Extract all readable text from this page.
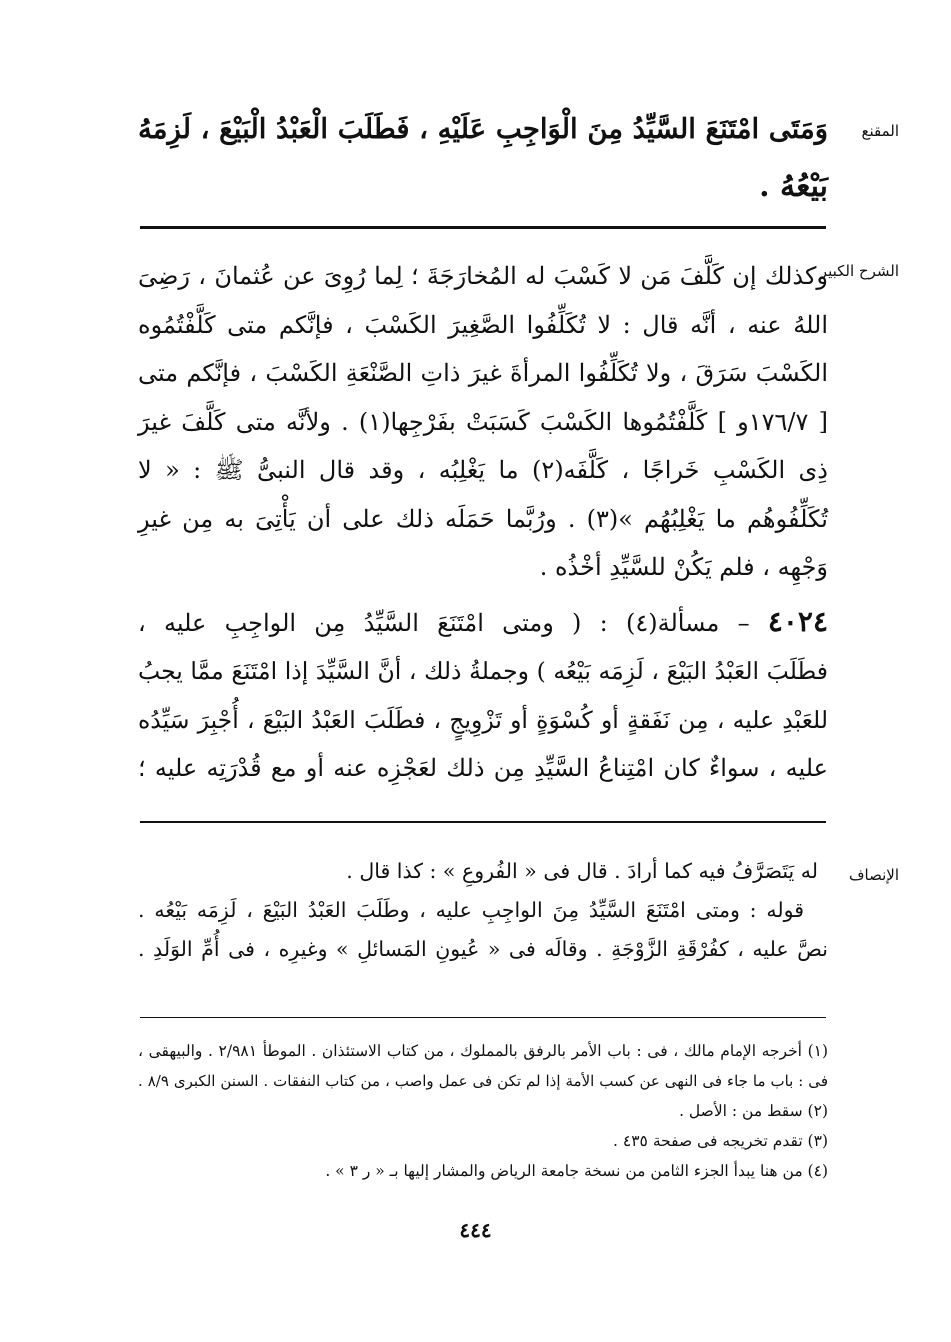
المقنع
وَمَتَى امْتَنَعَ السَّيِّدُ مِنَ الْوَاجِبِ عَلَيْهِ ، فَطَلَبَ الْعَبْدُ الْبَيْعَ ، لَزِمَهُ
بَيْعُهُ .
الشرح الكبير
وكذلك إن كَلَّفَ مَن لا كَسْبَ له المُخارَجَةَ ؛ لِما رُوِىَ عن عُثمانَ ، رَضِىَ
اللهُ عنه ، أنَّه قال : لا تُكَلِّفُوا الصَّغِيرَ الكَسْبَ ، فإنَّكم متى كَلَّفْتُمُوه
الكَسْبَ سَرَقَ ، ولا تُكَلِّفُوا المرأةَ غيرَ ذاتِ الصَّنْعَةِ الكَسْبَ ، فإنَّكم متى
[ ١٧٦/٧و ] كَلَّفْتُمُوها الكَسْبَ كَسَبَتْ بفَرْجِها(١) . ولأنَّه متى كَلَّفَ غيرَ
ذِى الكَسْبِ خَراجًا ، كَلَّفَه(٢) ما يَغْلِبُه ، وقد قال النبىُّ ﷺ : « لا
تُكَلِّفُوهُم ما يَغْلِبُهُم »(٣) . ورُبَّما حَمَلَه ذلك على أن يَأْتِىَ به مِن غيرِ
وَجْهِه ، فلم يَكُنْ للسَّيِّدِ أخْذُه .
٤٠٢٤ – مسألة(٤) : ( ومتى امْتَنَعَ السَّيِّدُ مِن الواجِبِ عليه ،
فطَلَبَ العَبْدُ البَيْعَ ، لَزِمَه بَيْعُه ) وجملةُ ذلك ، أنَّ السَّيِّدَ إذا امْتَنَعَ ممَّا يجبُ
للعَبْدِ عليه ، مِن نَفَقةٍ أو كُسْوَةٍ أو تَزْوِيجٍ ، فطَلَبَ العَبْدُ البَيْعَ ، أُجْبِرَ سَيِّدُه
عليه ، سواءٌ كان امْتِناعُ السَّيِّدِ مِن ذلك لعَجْزِه عنه أو مع قُدْرَتِه عليه ؛
الإنصاف
له يَتَصَرَّفُ فيه كما أرادَ . قال فى « الفُروعِ » : كذا قال .
قوله : ومتى امْتَنَعَ السَّيِّدُ مِنَ الواجِبِ عليه ، وطَلَبَ العَبْدُ البَيْعَ ، لَزِمَه بَيْعُه .
نصَّ عليه ، كفُرْقَةِ الزَّوْجَةِ . وقالَه فى « عُيونِ المَسائلِ » وغيرِه ، فى أُمِّ الوَلَدِ .
(١) أخرجه الإمام مالك ، فى : باب الأمر بالرفق بالمملوك ، من كتاب الاستئذان . الموطأ ٢/٩٨١ . والبيهقى ،
فى : باب ما جاء فى النهى عن كسب الأمة إذا لم تكن فى عمل واصب ، من كتاب النفقات . السنن الكبرى ٨/٩ .
(٢) سقط من : الأصل .
(٣) تقدم تخريجه فى صفحة ٤٣٥ .
(٤) من هنا يبدأ الجزء الثامن من نسخة جامعة الرياض والمشار إليها بـ « ر ٣ » .
٤٤٤
